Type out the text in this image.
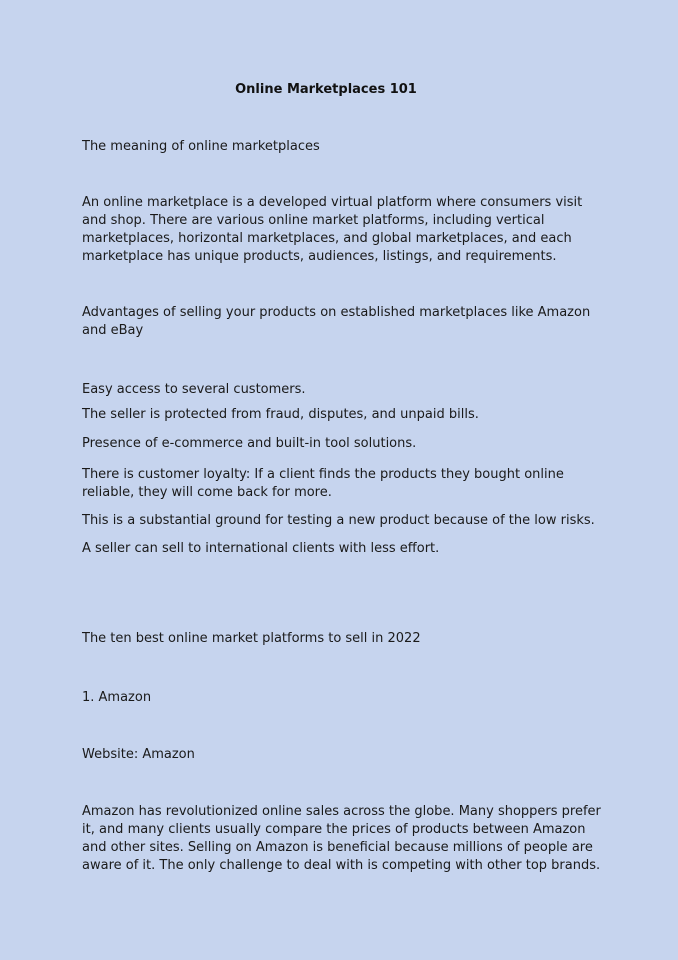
Online Marketplaces 101

The meaning of online marketplaces

An online marketplace is a developed virtual platform where consumers visit and shop. There are various online market platforms, including vertical marketplaces, horizontal marketplaces, and global marketplaces, and each marketplace has unique products, audiences, listings, and requirements.

Advantages of selling your products on established marketplaces like Amazon and eBay

Easy access to several customers.

The seller is protected from fraud, disputes, and unpaid bills.

Presence of e-commerce and built-in tool solutions.

There is customer loyalty: If a client finds the products they bought online reliable, they will come back for more.

This is a substantial ground for testing a new product because of the low risks.

A seller can sell to international clients with less effort.

The ten best online market platforms to sell in 2022

1. Amazon

Website: Amazon

Amazon has revolutionized online sales across the globe. Many shoppers prefer it, and many clients usually compare the prices of products between Amazon and other sites. Selling on Amazon is beneficial because millions of people are aware of it. The only challenge to deal with is competing with other top brands.
